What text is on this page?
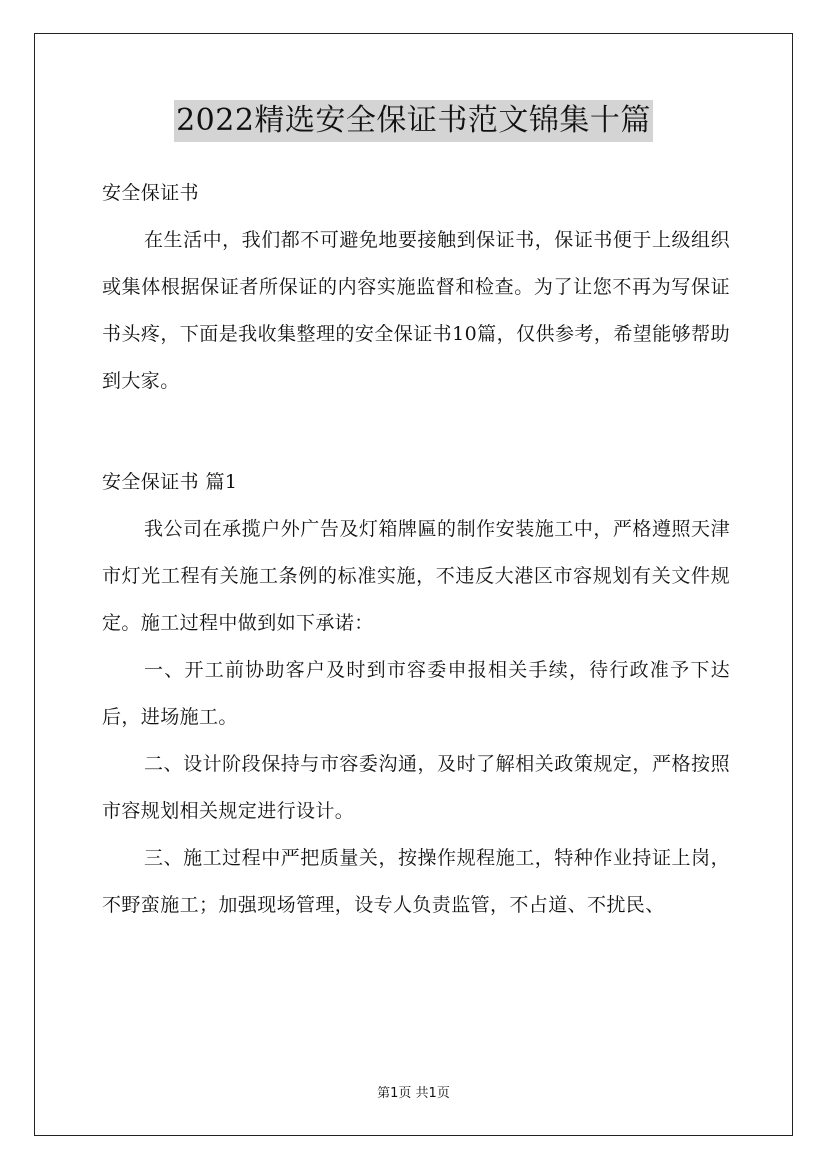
2022精选安全保证书范文锦集十篇

安全保证书

在生活中，我们都不可避免地要接触到保证书，保证书便于上级组织或集体根据保证者所保证的内容实施监督和检查。为了让您不再为写保证书头疼，下面是我收集整理的安全保证书10篇，仅供参考，希望能够帮助到大家。

安全保证书 篇1

我公司在承揽户外广告及灯箱牌匾的制作安装施工中，严格遵照天津市灯光工程有关施工条例的标准实施，不违反大港区市容规划有关文件规定。施工过程中做到如下承诺：

一、开工前协助客户及时到市容委申报相关手续，待行政准予下达后，进场施工。

二、设计阶段保持与市容委沟通，及时了解相关政策规定，严格按照市容规划相关规定进行设计。

三、施工过程中严把质量关，按操作规程施工，特种作业持证上岗，不野蛮施工；加强现场管理，设专人负责监管，不占道、不扰民、

第1页 共1页
